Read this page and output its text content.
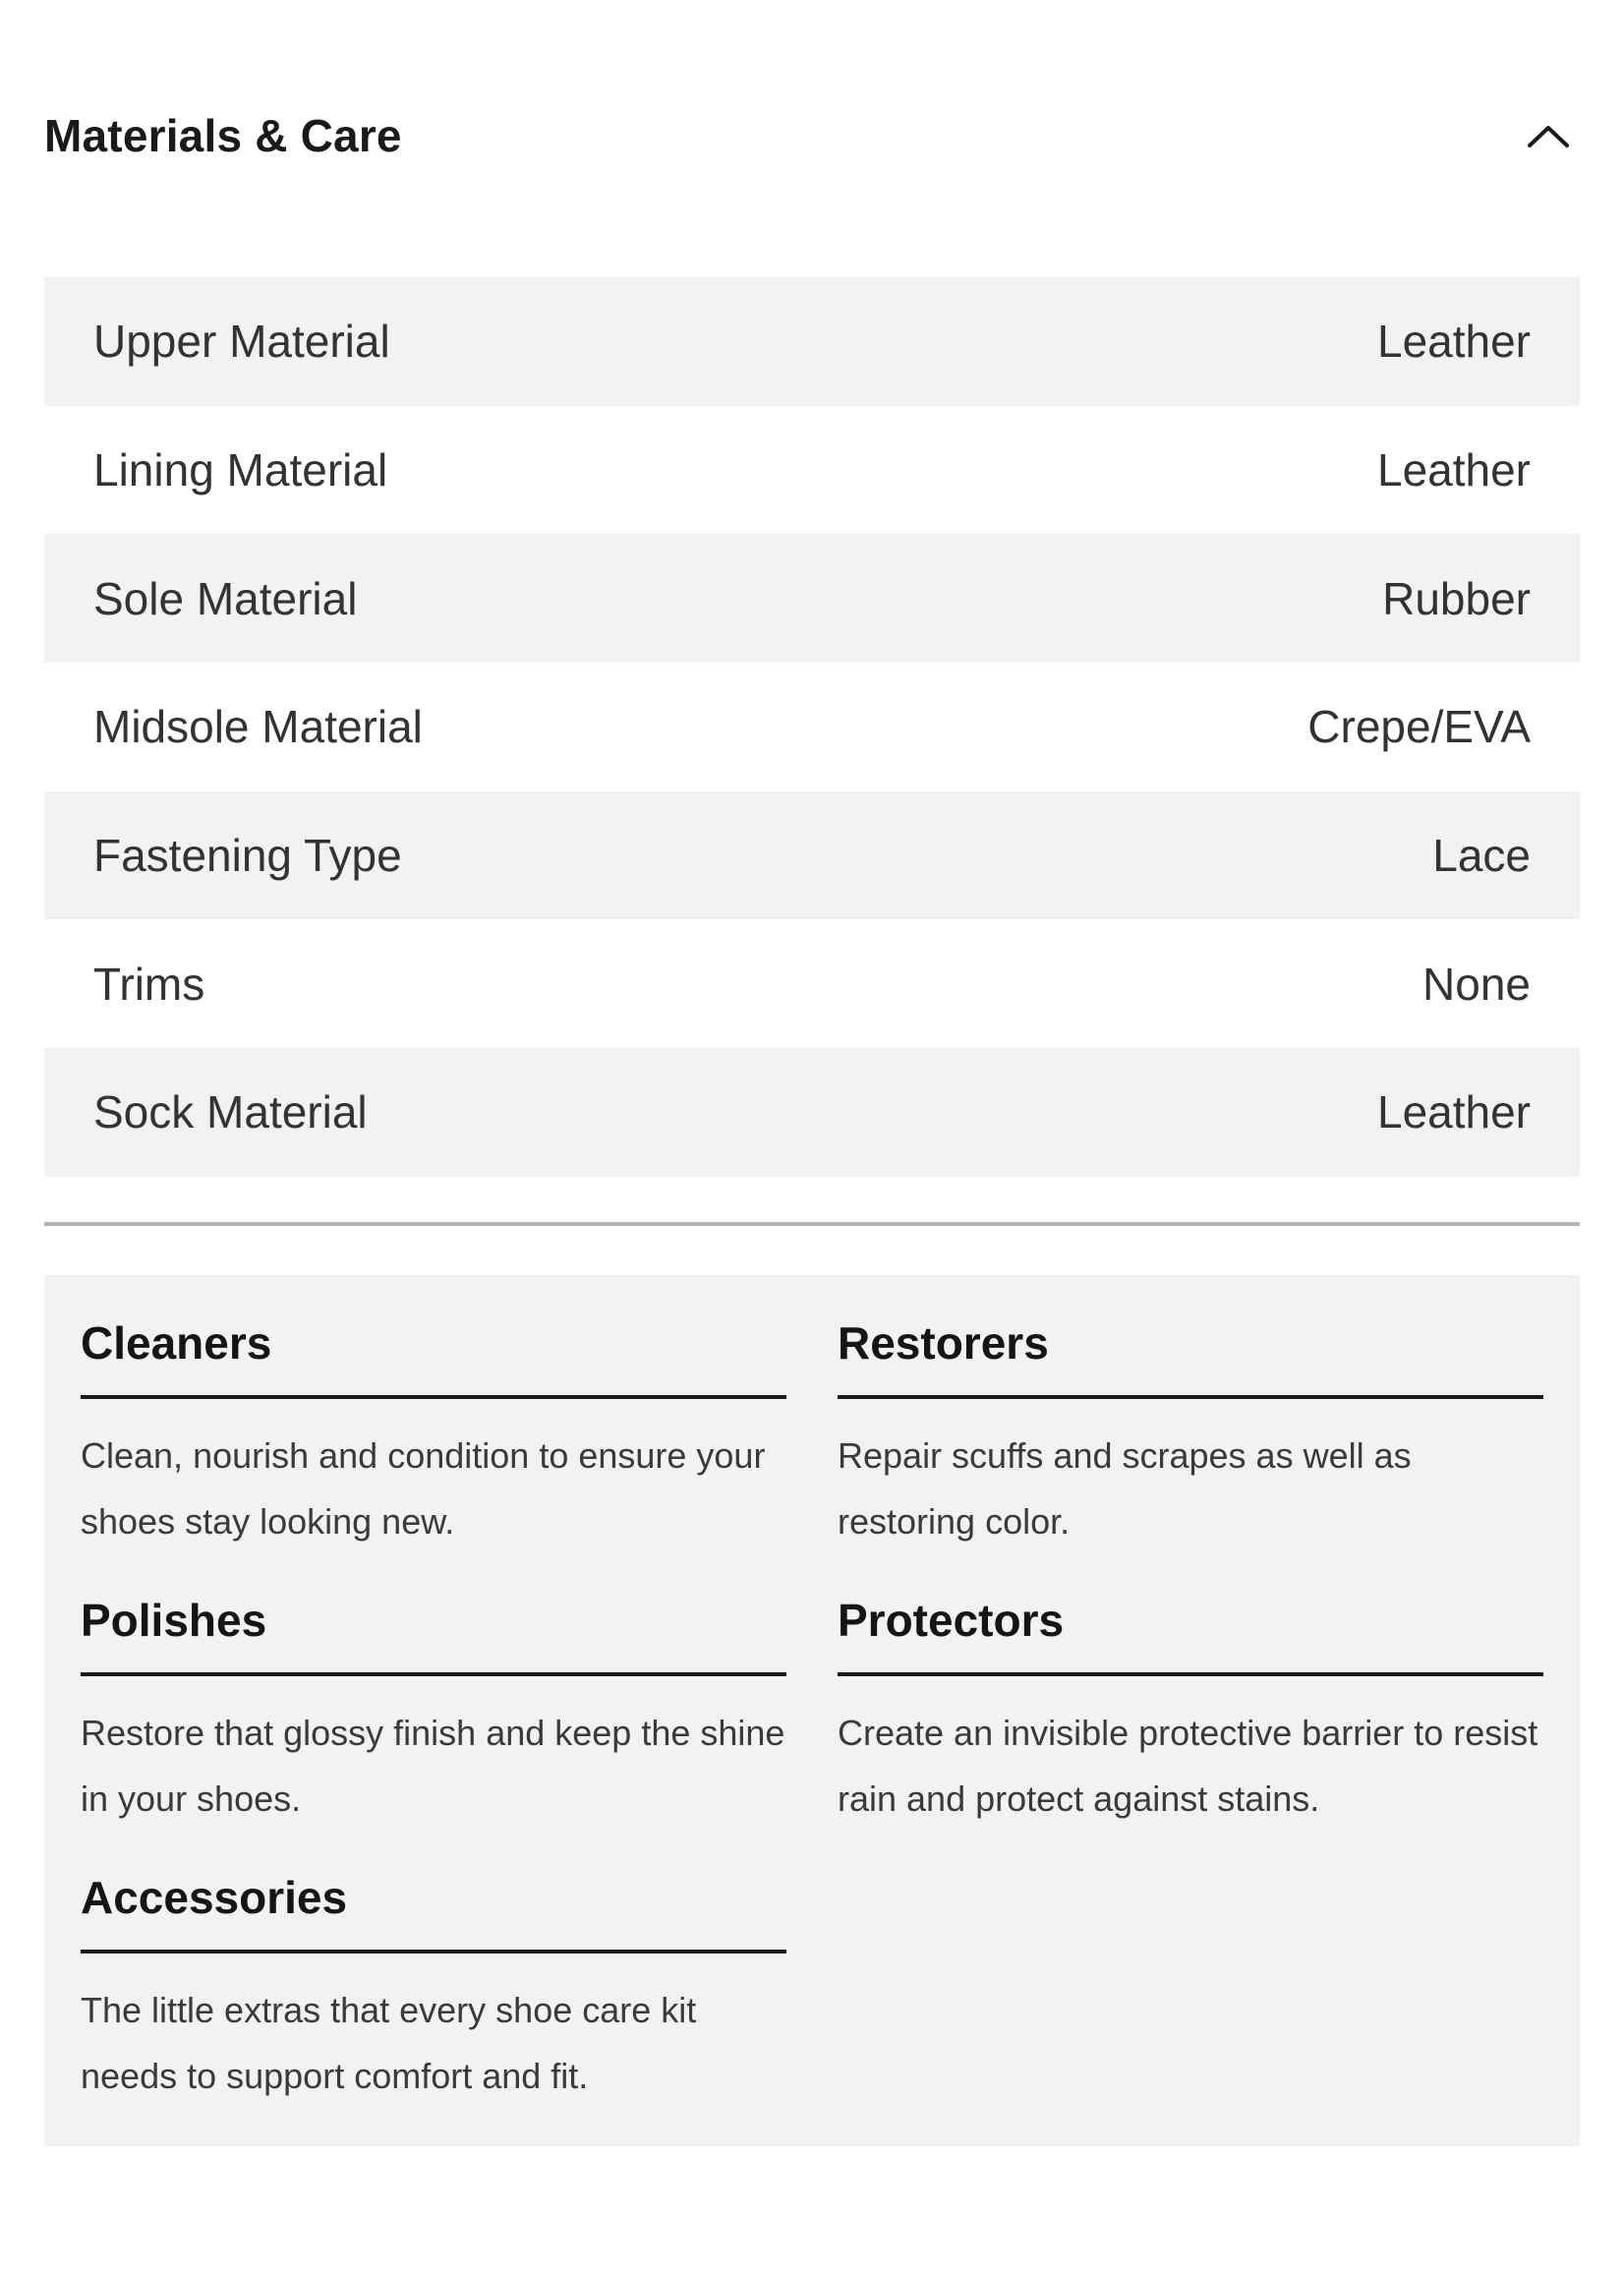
Materials & Care
Upper Material	Leather
Lining Material	Leather
Sole Material	Rubber
Midsole Material	Crepe/EVA
Fastening Type	Lace
Trims	None
Sock Material	Leather
Cleaners
Clean, nourish and condition to ensure your shoes stay looking new.
Restorers
Repair scuffs and scrapes as well as restoring color.
Polishes
Restore that glossy finish and keep the shine in your shoes.
Protectors
Create an invisible protective barrier to resist rain and protect against stains.
Accessories
The little extras that every shoe care kit needs to support comfort and fit.
